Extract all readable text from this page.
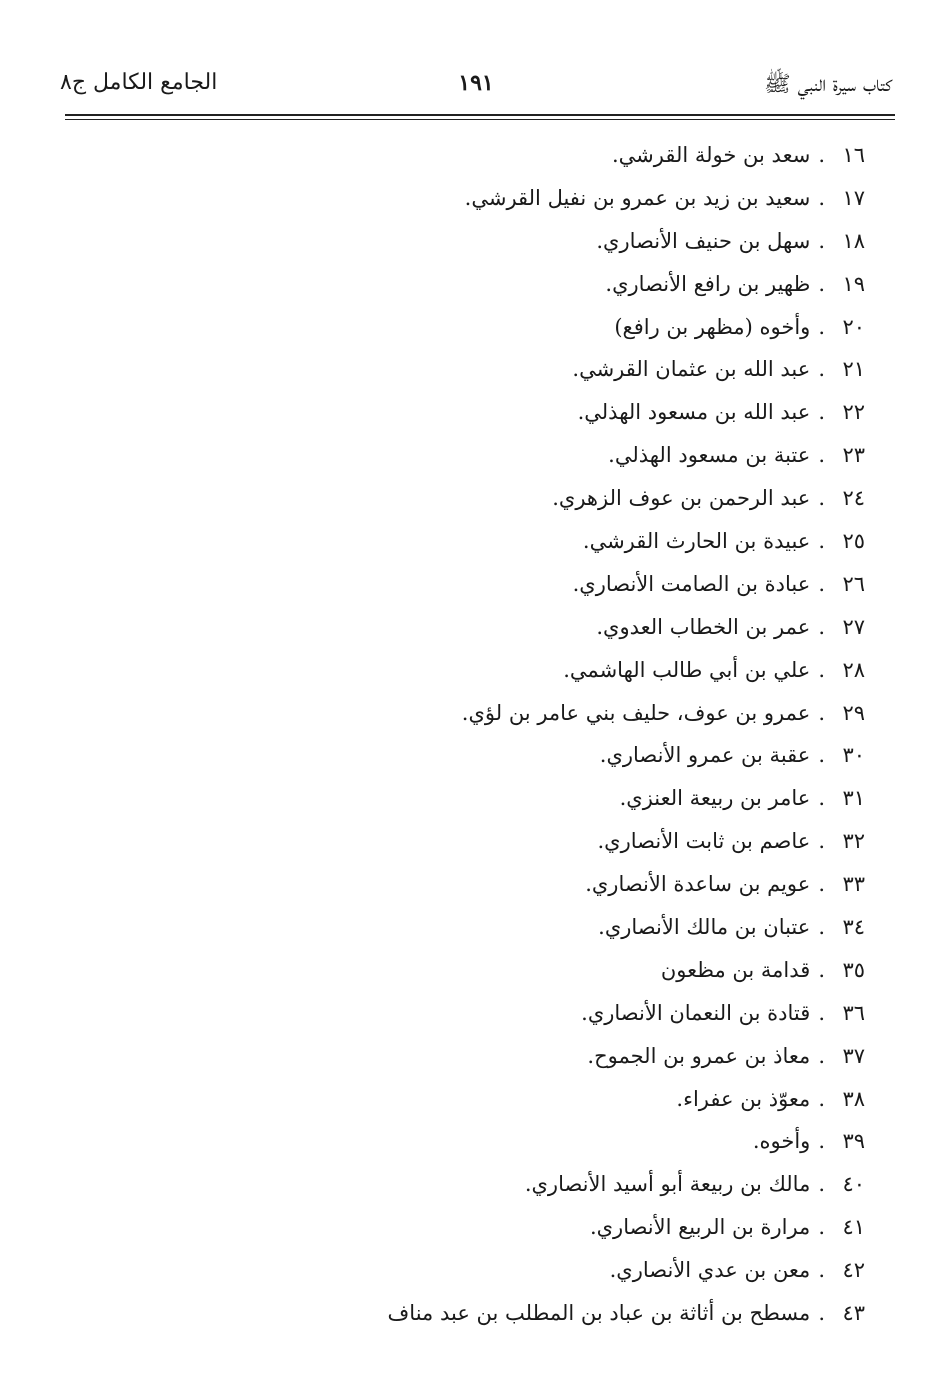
كتاب سيرة النبي ﷺ
١٩١
الجامع الكامل ج٨
١٦.سعد بن خولة القرشي.
١٧.سعيد بن زيد بن عمرو بن نفيل القرشي.
١٨.سهل بن حنيف الأنصاري.
١٩.ظهير بن رافع الأنصاري.
٢٠.وأخوه (مظهر بن رافع)
٢١.عبد الله بن عثمان القرشي.
٢٢.عبد الله بن مسعود الهذلي.
٢٣.عتبة بن مسعود الهذلي.
٢٤.عبد الرحمن بن عوف الزهري.
٢٥.عبيدة بن الحارث القرشي.
٢٦.عبادة بن الصامت الأنصاري.
٢٧.عمر بن الخطاب العدوي.
٢٨.علي بن أبي طالب الهاشمي.
٢٩.عمرو بن عوف، حليف بني عامر بن لؤي.
٣٠.عقبة بن عمرو الأنصاري.
٣١.عامر بن ربيعة العنزي.
٣٢.عاصم بن ثابت الأنصاري.
٣٣.عويم بن ساعدة الأنصاري.
٣٤.عتبان بن مالك الأنصاري.
٣٥.قدامة بن مظعون
٣٦.قتادة بن النعمان الأنصاري.
٣٧.معاذ بن عمرو بن الجموح.
٣٨.معوّذ بن عفراء.
٣٩.وأخوه.
٤٠.مالك بن ربيعة أبو أسيد الأنصاري.
٤١.مرارة بن الربيع الأنصاري.
٤٢.معن بن عدي الأنصاري.
٤٣.مسطح بن أثاثة بن عباد بن المطلب بن عبد مناف
